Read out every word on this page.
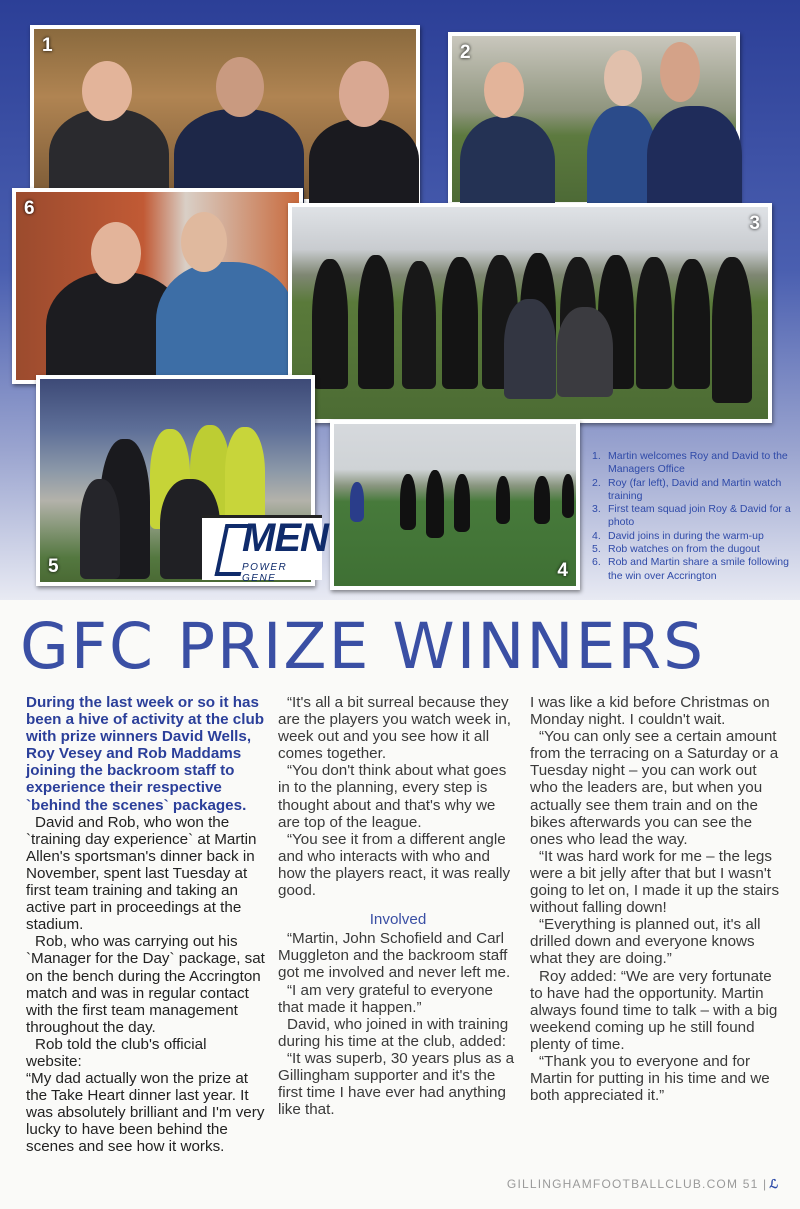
1	2
6
3
MEN
POWER GENE
5	4
1. Martin welcomes Roy and David to the Managers Office
2. Roy (far left), David and Martin watch training
3. First team squad join Roy & David for a photo
4. David joins in during the warm-up
5. Rob watches on from the dugout
6. Rob and Martin share a smile following the win over Accrington
GFC PRIZE WINNERS

During the last week or so it has been a hive of activity at the club with prize winners David Wells, Roy Vesey and Rob Maddams joining the backroom staff to experience their respective `behind the scenes` packages.

David and Rob, who won the `training day experience` at Martin Allen's sportsman's dinner back in November, spent last Tuesday at first team training and taking an active part in proceedings at the stadium.

Rob, who was carrying out his `Manager for the Day` package, sat on the bench during the Accrington match and was in regular contact with the first team management throughout the day.

Rob told the club's official website:

“My dad actually won the prize at the Take Heart dinner last year. It was absolutely brilliant and I'm very lucky to have been behind the scenes and see how it works.

“It's all a bit surreal because they are the players you watch week in, week out and you see how it all comes together.

“You don't think about what goes in to the planning, every step is thought about and that's why we are top of the league.

“You see it from a different angle and who interacts with who and how the players react, it was really good.

Involved

“Martin, John Schofield and Carl Muggleton and the backroom staff got me involved and never left me.

“I am very grateful to everyone that made it happen.”

David, who joined in with training during his time at the club, added:

“It was superb, 30 years plus as a Gillingham supporter and it's the first time I have ever had anything like that.

I was like a kid before Christmas on Monday night. I couldn't wait.

“You can only see a certain amount from the terracing on a Saturday or a Tuesday night – you can work out who the leaders are, but when you actually see them train and on the bikes afterwards you can see the ones who lead the way.

“It was hard work for me – the legs were a bit jelly after that but I wasn't going to let on, I made it up the stairs without falling down!

“Everything is planned out, it's all drilled down and everyone knows what they are doing.”

Roy added: “We are very fortunate to have had the opportunity. Martin always found time to talk – with a big weekend coming up he still found plenty of time.

“Thank you to everyone and for Martin for putting in his time and we both appreciated it.”

GILLINGHAMFOOTBALLCLUB.COM 51 | ℒ
